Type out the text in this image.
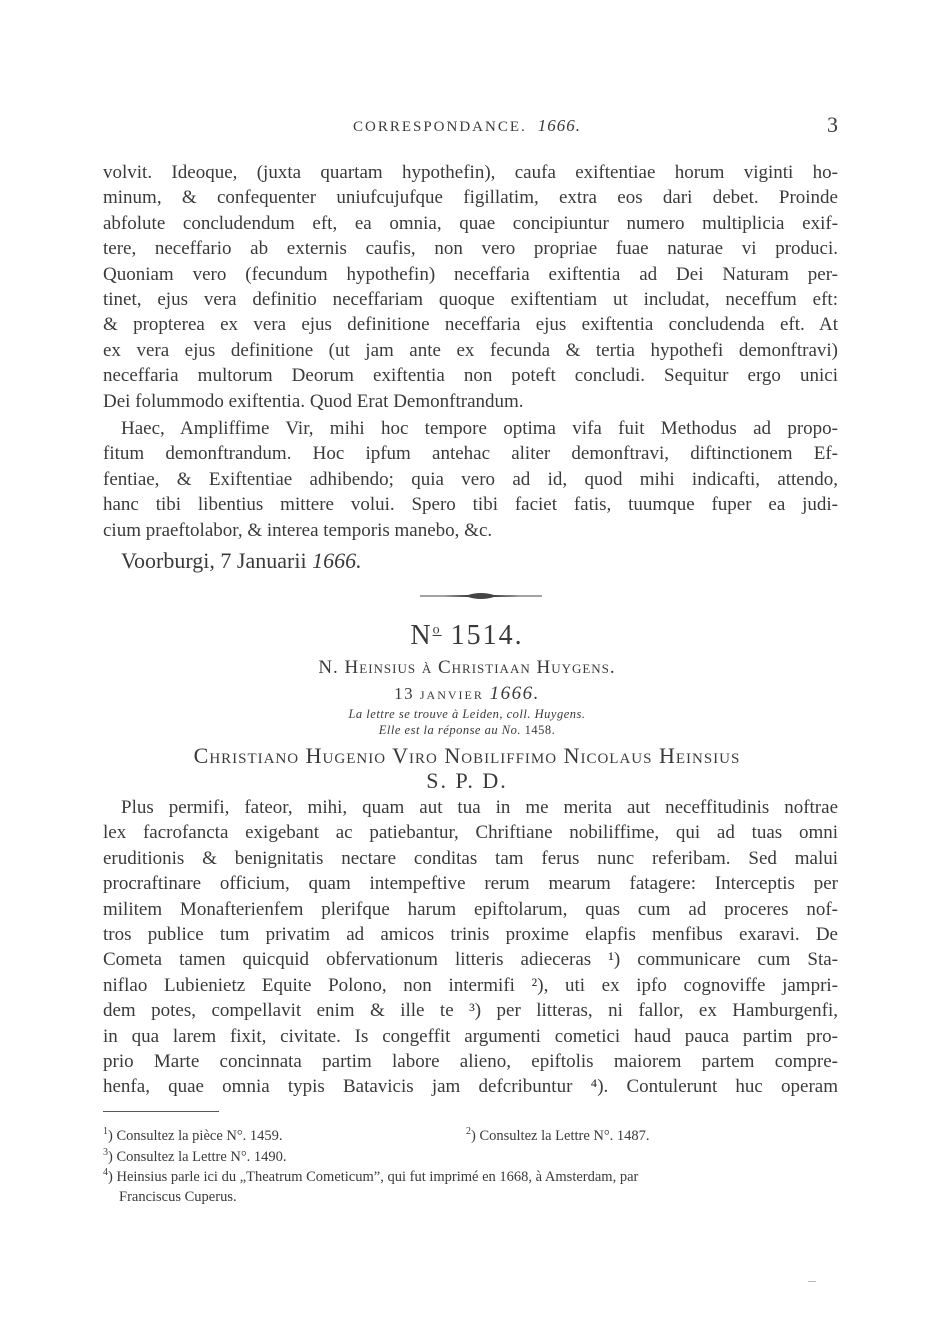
CORRESPONDANCE. 1666.	3
volvit. Ideoque, (juxta quartam hypothefin), caufa exiftentiae horum viginti ho-
minum, & confequenter uniufcujufque figillatim, extra eos dari debet. Proinde
abfolute concludendum eft, ea omnia, quae concipiuntur numero multiplicia exif-
tere, neceffario ab externis caufis, non vero propriae fuae naturae vi produci.
Quoniam vero (fecundum hypothefin) neceffaria exiftentia ad Dei Naturam per-
tinet, ejus vera definitio neceffariam quoque exiftentiam ut includat, neceffum eft:
& propterea ex vera ejus definitione neceffaria ejus exiftentia concludenda eft. At
ex vera ejus definitione (ut jam ante ex fecunda & tertia hypothefi demonftravi)
neceffaria multorum Deorum exiftentia non poteft concludi. Sequitur ergo unici
Dei folummodo exiftentia. Quod Erat Demonftrandum.
Haec, Ampliffime Vir, mihi hoc tempore optima vifa fuit Methodus ad propo-
fitum demonftrandum. Hoc ipfum antehac aliter demonftravi, diftinctionem Ef-
fentiae, & Exiftentiae adhibendo; quia vero ad id, quod mihi indicafti, attendo,
hanc tibi libentius mittere volui. Spero tibi faciet fatis, tuumque fuper ea judi-
cium praeftolabor, & interea temporis manebo, &c.
Voorburgi, 7 Januarii 1666.
$N^o$ 1514.
N. Heinsius à Christiaan Huygens.
13 janvier 1666.
La lettre se trouve à Leiden, coll. Huygens.
Elle est la réponse au No. 1458.
Christiano Hugenio Viro Nobiliffimo Nicolaus Heinsius
S. P. D.
Plus permifi, fateor, mihi, quam aut tua in me merita aut neceffitudinis noftrae
lex facrofancta exigebant ac patiebantur, Chriftiane nobiliffime, qui ad tuas omni
eruditionis & benignitatis nectare conditas tam ferus nunc referibam. Sed malui
procraftinare officium, quam intempeftive rerum mearum fatagere: Interceptis per
militem Monafterienfem plerifque harum epiftolarum, quas cum ad proceres nof-
tros publice tum privatim ad amicos trinis proxime elapfis menfibus exaravi. De
Cometa tamen quicquid obfervationum litteris adieceras ¹) communicare cum Sta-
niflao Lubienietz Equite Polono, non intermifi ²), uti ex ipfo cognoviffe jampri-
dem potes, compellavit enim & ille te ³) per litteras, ni fallor, ex Hamburgenfi,
in qua larem fixit, civitate. Is congeffit argumenti cometici haud pauca partim pro-
prio Marte concinnata partim labore alieno, epiftolis maiorem partem compre-
henfa, quae omnia typis Batavicis jam defcribuntur ⁴). Contulerunt huc operam
$^1$) Consultez la pièce N°. 1459.	$^2$) Consultez la Lettre N°. 1487.
$^3$) Consultez la Lettre N°. 1490.
$^4$) Heinsius parle ici du „Theatrum Cometicum”, qui fut imprimé en 1668, à Amsterdam, par
Franciscus Cuperus.
